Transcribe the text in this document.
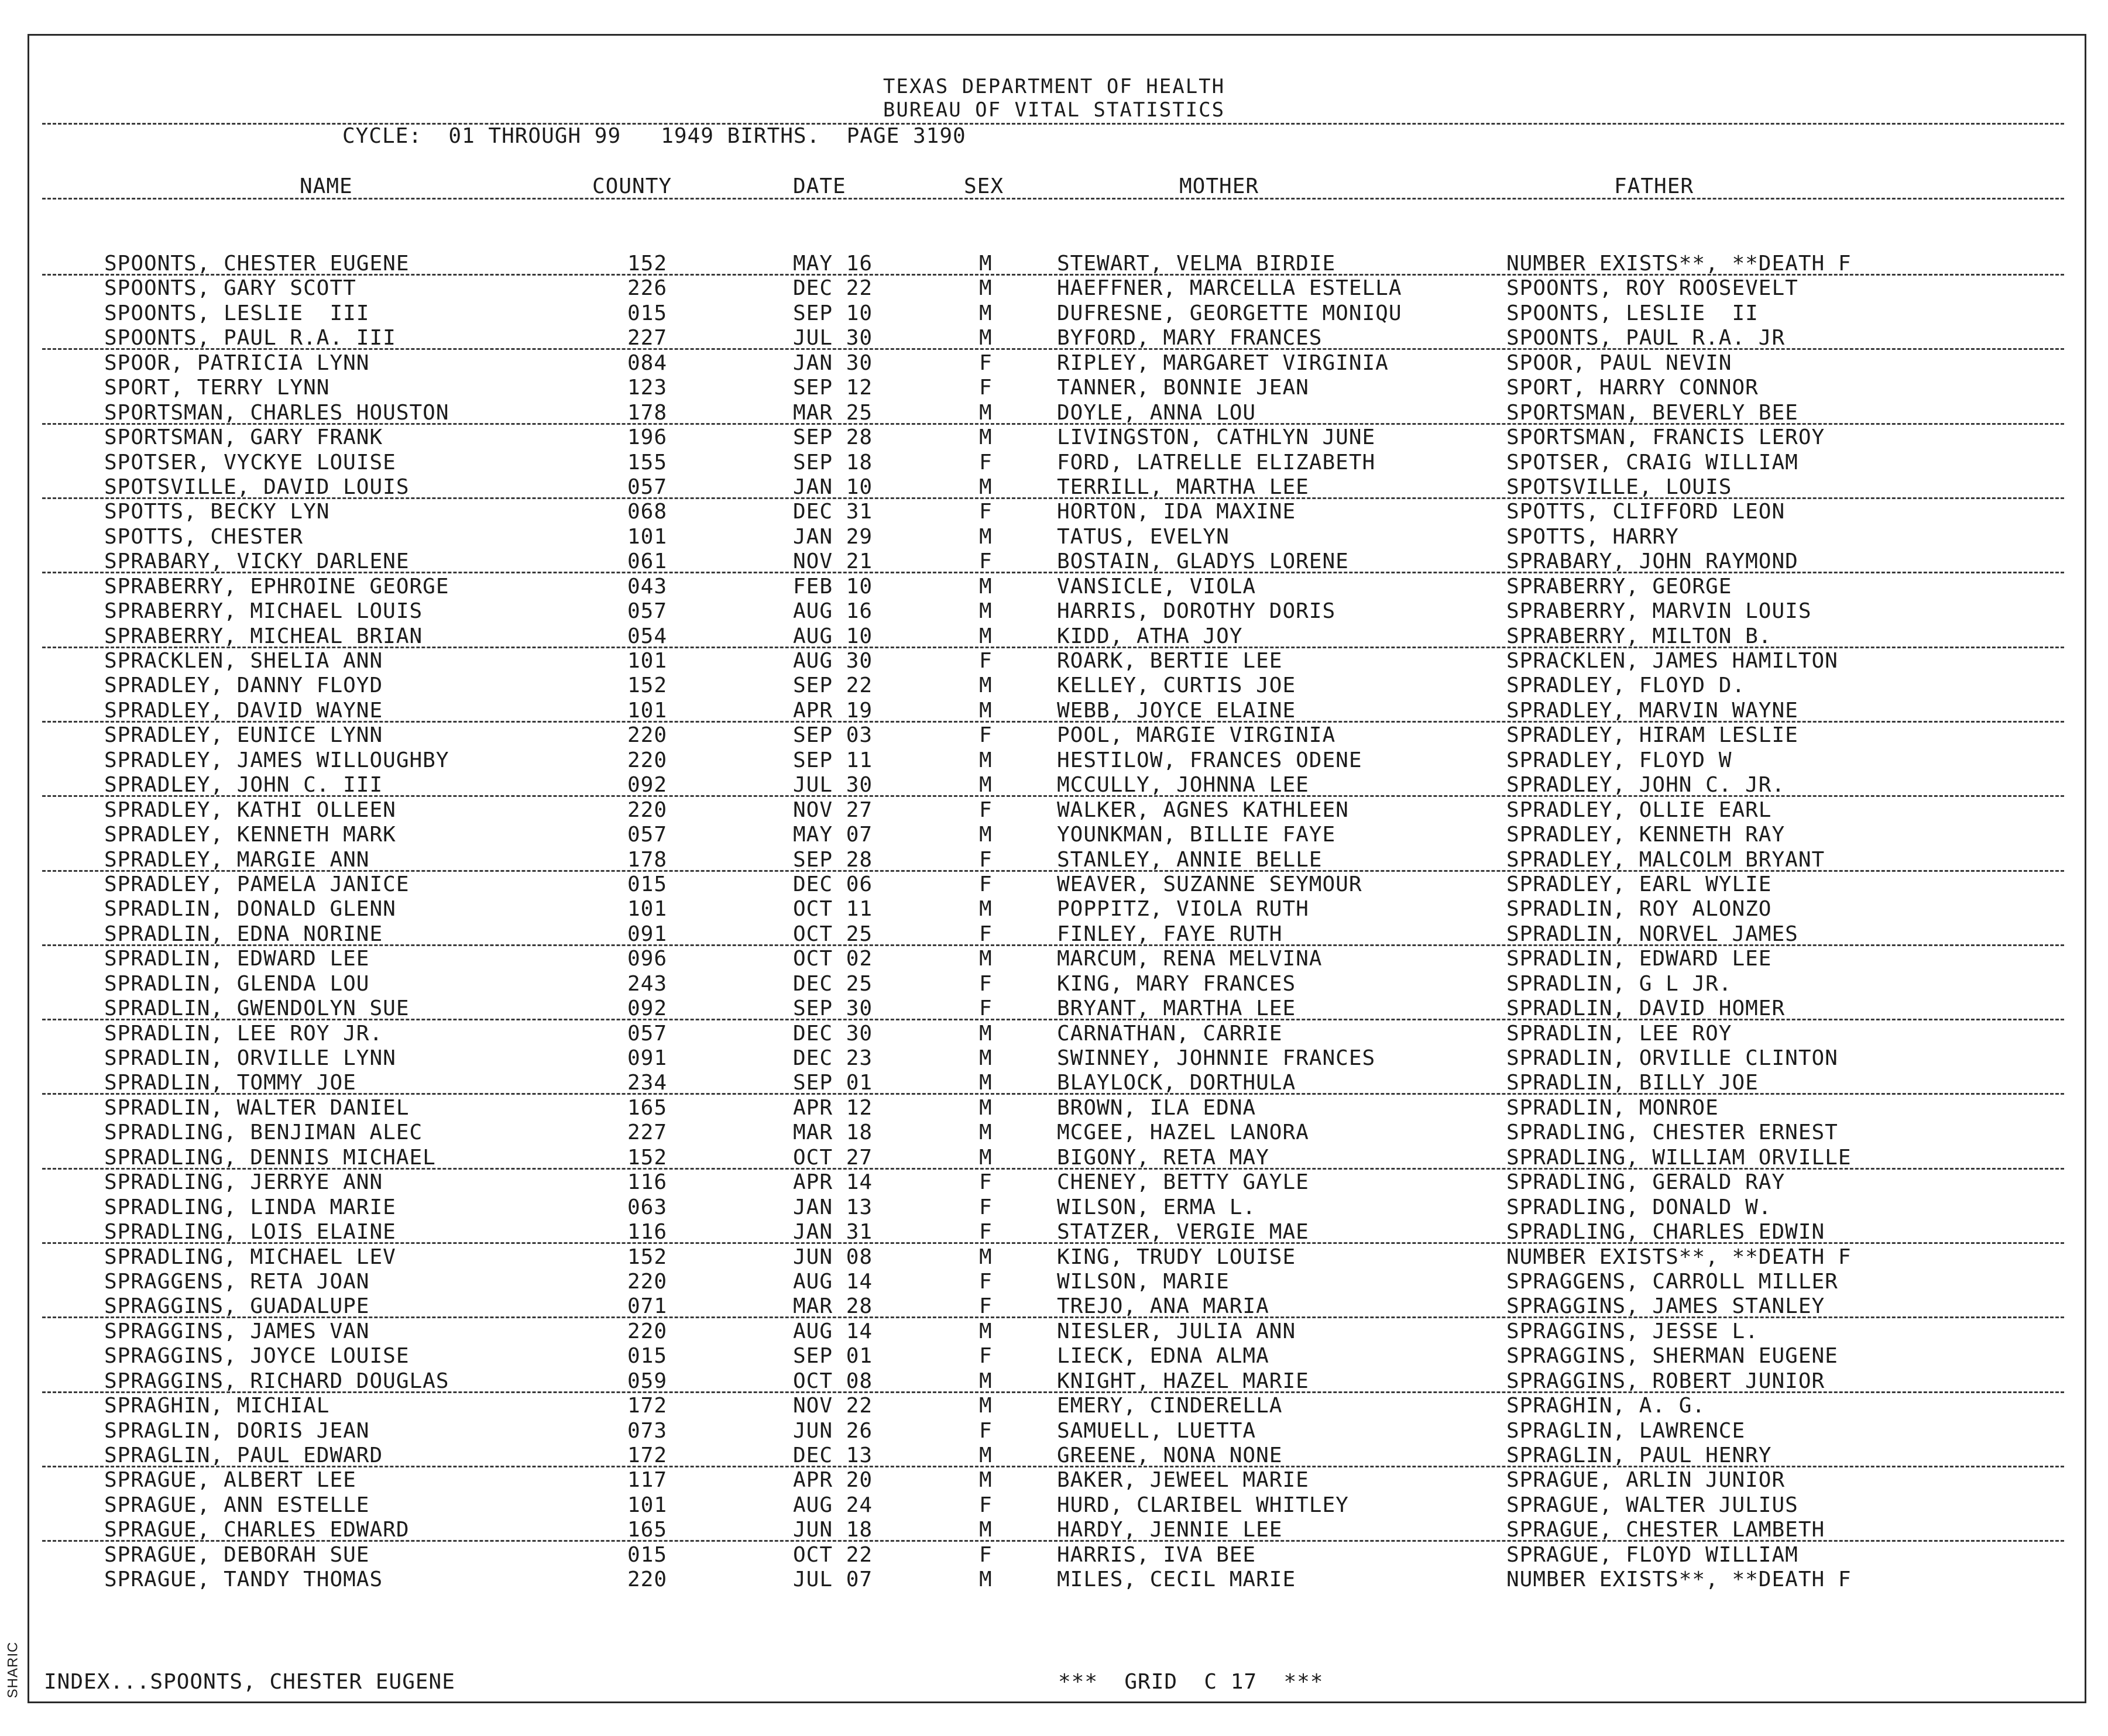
TEXAS DEPARTMENT OF HEALTH
BUREAU OF VITAL STATISTICS
CYCLE:  01 THROUGH 99   1949 BIRTHS.  PAGE 3190
NAME	COUNTY	DATE	SEX	MOTHER	FATHER
SPOONTS, CHESTER EUGENE	152	MAY 16	M	STEWART, VELMA BIRDIE	NUMBER EXISTS**, **DEATH F
SPOONTS, GARY SCOTT	226	DEC 22	M	HAEFFNER, MARCELLA ESTELLA	SPOONTS, ROY ROOSEVELT
SPOONTS, LESLIE  III	015	SEP 10	M	DUFRESNE, GEORGETTE MONIQU	SPOONTS, LESLIE  II
SPOONTS, PAUL R.A. III	227	JUL 30	M	BYFORD, MARY FRANCES	SPOONTS, PAUL R.A. JR
SPOOR, PATRICIA LYNN	084	JAN 30	F	RIPLEY, MARGARET VIRGINIA	SPOOR, PAUL NEVIN
SPORT, TERRY LYNN	123	SEP 12	F	TANNER, BONNIE JEAN	SPORT, HARRY CONNOR
SPORTSMAN, CHARLES HOUSTON	178	MAR 25	M	DOYLE, ANNA LOU	SPORTSMAN, BEVERLY BEE
SPORTSMAN, GARY FRANK	196	SEP 28	M	LIVINGSTON, CATHLYN JUNE	SPORTSMAN, FRANCIS LEROY
SPOTSER, VYCKYE LOUISE	155	SEP 18	F	FORD, LATRELLE ELIZABETH	SPOTSER, CRAIG WILLIAM
SPOTSVILLE, DAVID LOUIS	057	JAN 10	M	TERRILL, MARTHA LEE	SPOTSVILLE, LOUIS
SPOTTS, BECKY LYN	068	DEC 31	F	HORTON, IDA MAXINE	SPOTTS, CLIFFORD LEON
SPOTTS, CHESTER	101	JAN 29	M	TATUS, EVELYN	SPOTTS, HARRY
SPRABARY, VICKY DARLENE	061	NOV 21	F	BOSTAIN, GLADYS LORENE	SPRABARY, JOHN RAYMOND
SPRABERRY, EPHROINE GEORGE	043	FEB 10	M	VANSICLE, VIOLA	SPRABERRY, GEORGE
SPRABERRY, MICHAEL LOUIS	057	AUG 16	M	HARRIS, DOROTHY DORIS	SPRABERRY, MARVIN LOUIS
SPRABERRY, MICHEAL BRIAN	054	AUG 10	M	KIDD, ATHA JOY	SPRABERRY, MILTON B.
SPRACKLEN, SHELIA ANN	101	AUG 30	F	ROARK, BERTIE LEE	SPRACKLEN, JAMES HAMILTON
SPRADLEY, DANNY FLOYD	152	SEP 22	M	KELLEY, CURTIS JOE	SPRADLEY, FLOYD D.
SPRADLEY, DAVID WAYNE	101	APR 19	M	WEBB, JOYCE ELAINE	SPRADLEY, MARVIN WAYNE
SPRADLEY, EUNICE LYNN	220	SEP 03	F	POOL, MARGIE VIRGINIA	SPRADLEY, HIRAM LESLIE
SPRADLEY, JAMES WILLOUGHBY	220	SEP 11	M	HESTILOW, FRANCES ODENE	SPRADLEY, FLOYD W
SPRADLEY, JOHN C. III	092	JUL 30	M	MCCULLY, JOHNNA LEE	SPRADLEY, JOHN C. JR.
SPRADLEY, KATHI OLLEEN	220	NOV 27	F	WALKER, AGNES KATHLEEN	SPRADLEY, OLLIE EARL
SPRADLEY, KENNETH MARK	057	MAY 07	M	YOUNKMAN, BILLIE FAYE	SPRADLEY, KENNETH RAY
SPRADLEY, MARGIE ANN	178	SEP 28	F	STANLEY, ANNIE BELLE	SPRADLEY, MALCOLM BRYANT
SPRADLEY, PAMELA JANICE	015	DEC 06	F	WEAVER, SUZANNE SEYMOUR	SPRADLEY, EARL WYLIE
SPRADLIN, DONALD GLENN	101	OCT 11	M	POPPITZ, VIOLA RUTH	SPRADLIN, ROY ALONZO
SPRADLIN, EDNA NORINE	091	OCT 25	F	FINLEY, FAYE RUTH	SPRADLIN, NORVEL JAMES
SPRADLIN, EDWARD LEE	096	OCT 02	M	MARCUM, RENA MELVINA	SPRADLIN, EDWARD LEE
SPRADLIN, GLENDA LOU	243	DEC 25	F	KING, MARY FRANCES	SPRADLIN, G L JR.
SPRADLIN, GWENDOLYN SUE	092	SEP 30	F	BRYANT, MARTHA LEE	SPRADLIN, DAVID HOMER
SPRADLIN, LEE ROY JR.	057	DEC 30	M	CARNATHAN, CARRIE	SPRADLIN, LEE ROY
SPRADLIN, ORVILLE LYNN	091	DEC 23	M	SWINNEY, JOHNNIE FRANCES	SPRADLIN, ORVILLE CLINTON
SPRADLIN, TOMMY JOE	234	SEP 01	M	BLAYLOCK, DORTHULA	SPRADLIN, BILLY JOE
SPRADLIN, WALTER DANIEL	165	APR 12	M	BROWN, ILA EDNA	SPRADLIN, MONROE
SPRADLING, BENJIMAN ALEC	227	MAR 18	M	MCGEE, HAZEL LANORA	SPRADLING, CHESTER ERNEST
SPRADLING, DENNIS MICHAEL	152	OCT 27	M	BIGONY, RETA MAY	SPRADLING, WILLIAM ORVILLE
SPRADLING, JERRYE ANN	116	APR 14	F	CHENEY, BETTY GAYLE	SPRADLING, GERALD RAY
SPRADLING, LINDA MARIE	063	JAN 13	F	WILSON, ERMA L.	SPRADLING, DONALD W.
SPRADLING, LOIS ELAINE	116	JAN 31	F	STATZER, VERGIE MAE	SPRADLING, CHARLES EDWIN
SPRADLING, MICHAEL LEV	152	JUN 08	M	KING, TRUDY LOUISE	NUMBER EXISTS**, **DEATH F
SPRAGGENS, RETA JOAN	220	AUG 14	F	WILSON, MARIE	SPRAGGENS, CARROLL MILLER
SPRAGGINS, GUADALUPE	071	MAR 28	F	TREJO, ANA MARIA	SPRAGGINS, JAMES STANLEY
SPRAGGINS, JAMES VAN	220	AUG 14	M	NIESLER, JULIA ANN	SPRAGGINS, JESSE L.
SPRAGGINS, JOYCE LOUISE	015	SEP 01	F	LIECK, EDNA ALMA	SPRAGGINS, SHERMAN EUGENE
SPRAGGINS, RICHARD DOUGLAS	059	OCT 08	M	KNIGHT, HAZEL MARIE	SPRAGGINS, ROBERT JUNIOR
SPRAGHIN, MICHIAL	172	NOV 22	M	EMERY, CINDERELLA	SPRAGHIN, A. G.
SPRAGLIN, DORIS JEAN	073	JUN 26	F	SAMUELL, LUETTA	SPRAGLIN, LAWRENCE
SPRAGLIN, PAUL EDWARD	172	DEC 13	M	GREENE, NONA NONE	SPRAGLIN, PAUL HENRY
SPRAGUE, ALBERT LEE	117	APR 20	M	BAKER, JEWEEL MARIE	SPRAGUE, ARLIN JUNIOR
SPRAGUE, ANN ESTELLE	101	AUG 24	F	HURD, CLARIBEL WHITLEY	SPRAGUE, WALTER JULIUS
SPRAGUE, CHARLES EDWARD	165	JUN 18	M	HARDY, JENNIE LEE	SPRAGUE, CHESTER LAMBETH
SPRAGUE, DEBORAH SUE	015	OCT 22	F	HARRIS, IVA BEE	SPRAGUE, FLOYD WILLIAM
SPRAGUE, TANDY THOMAS	220	JUL 07	M	MILES, CECIL MARIE	NUMBER EXISTS**, **DEATH F
INDEX...SPOONTS, CHESTER EUGENE	***  GRID  C 17  ***
SHARIC
